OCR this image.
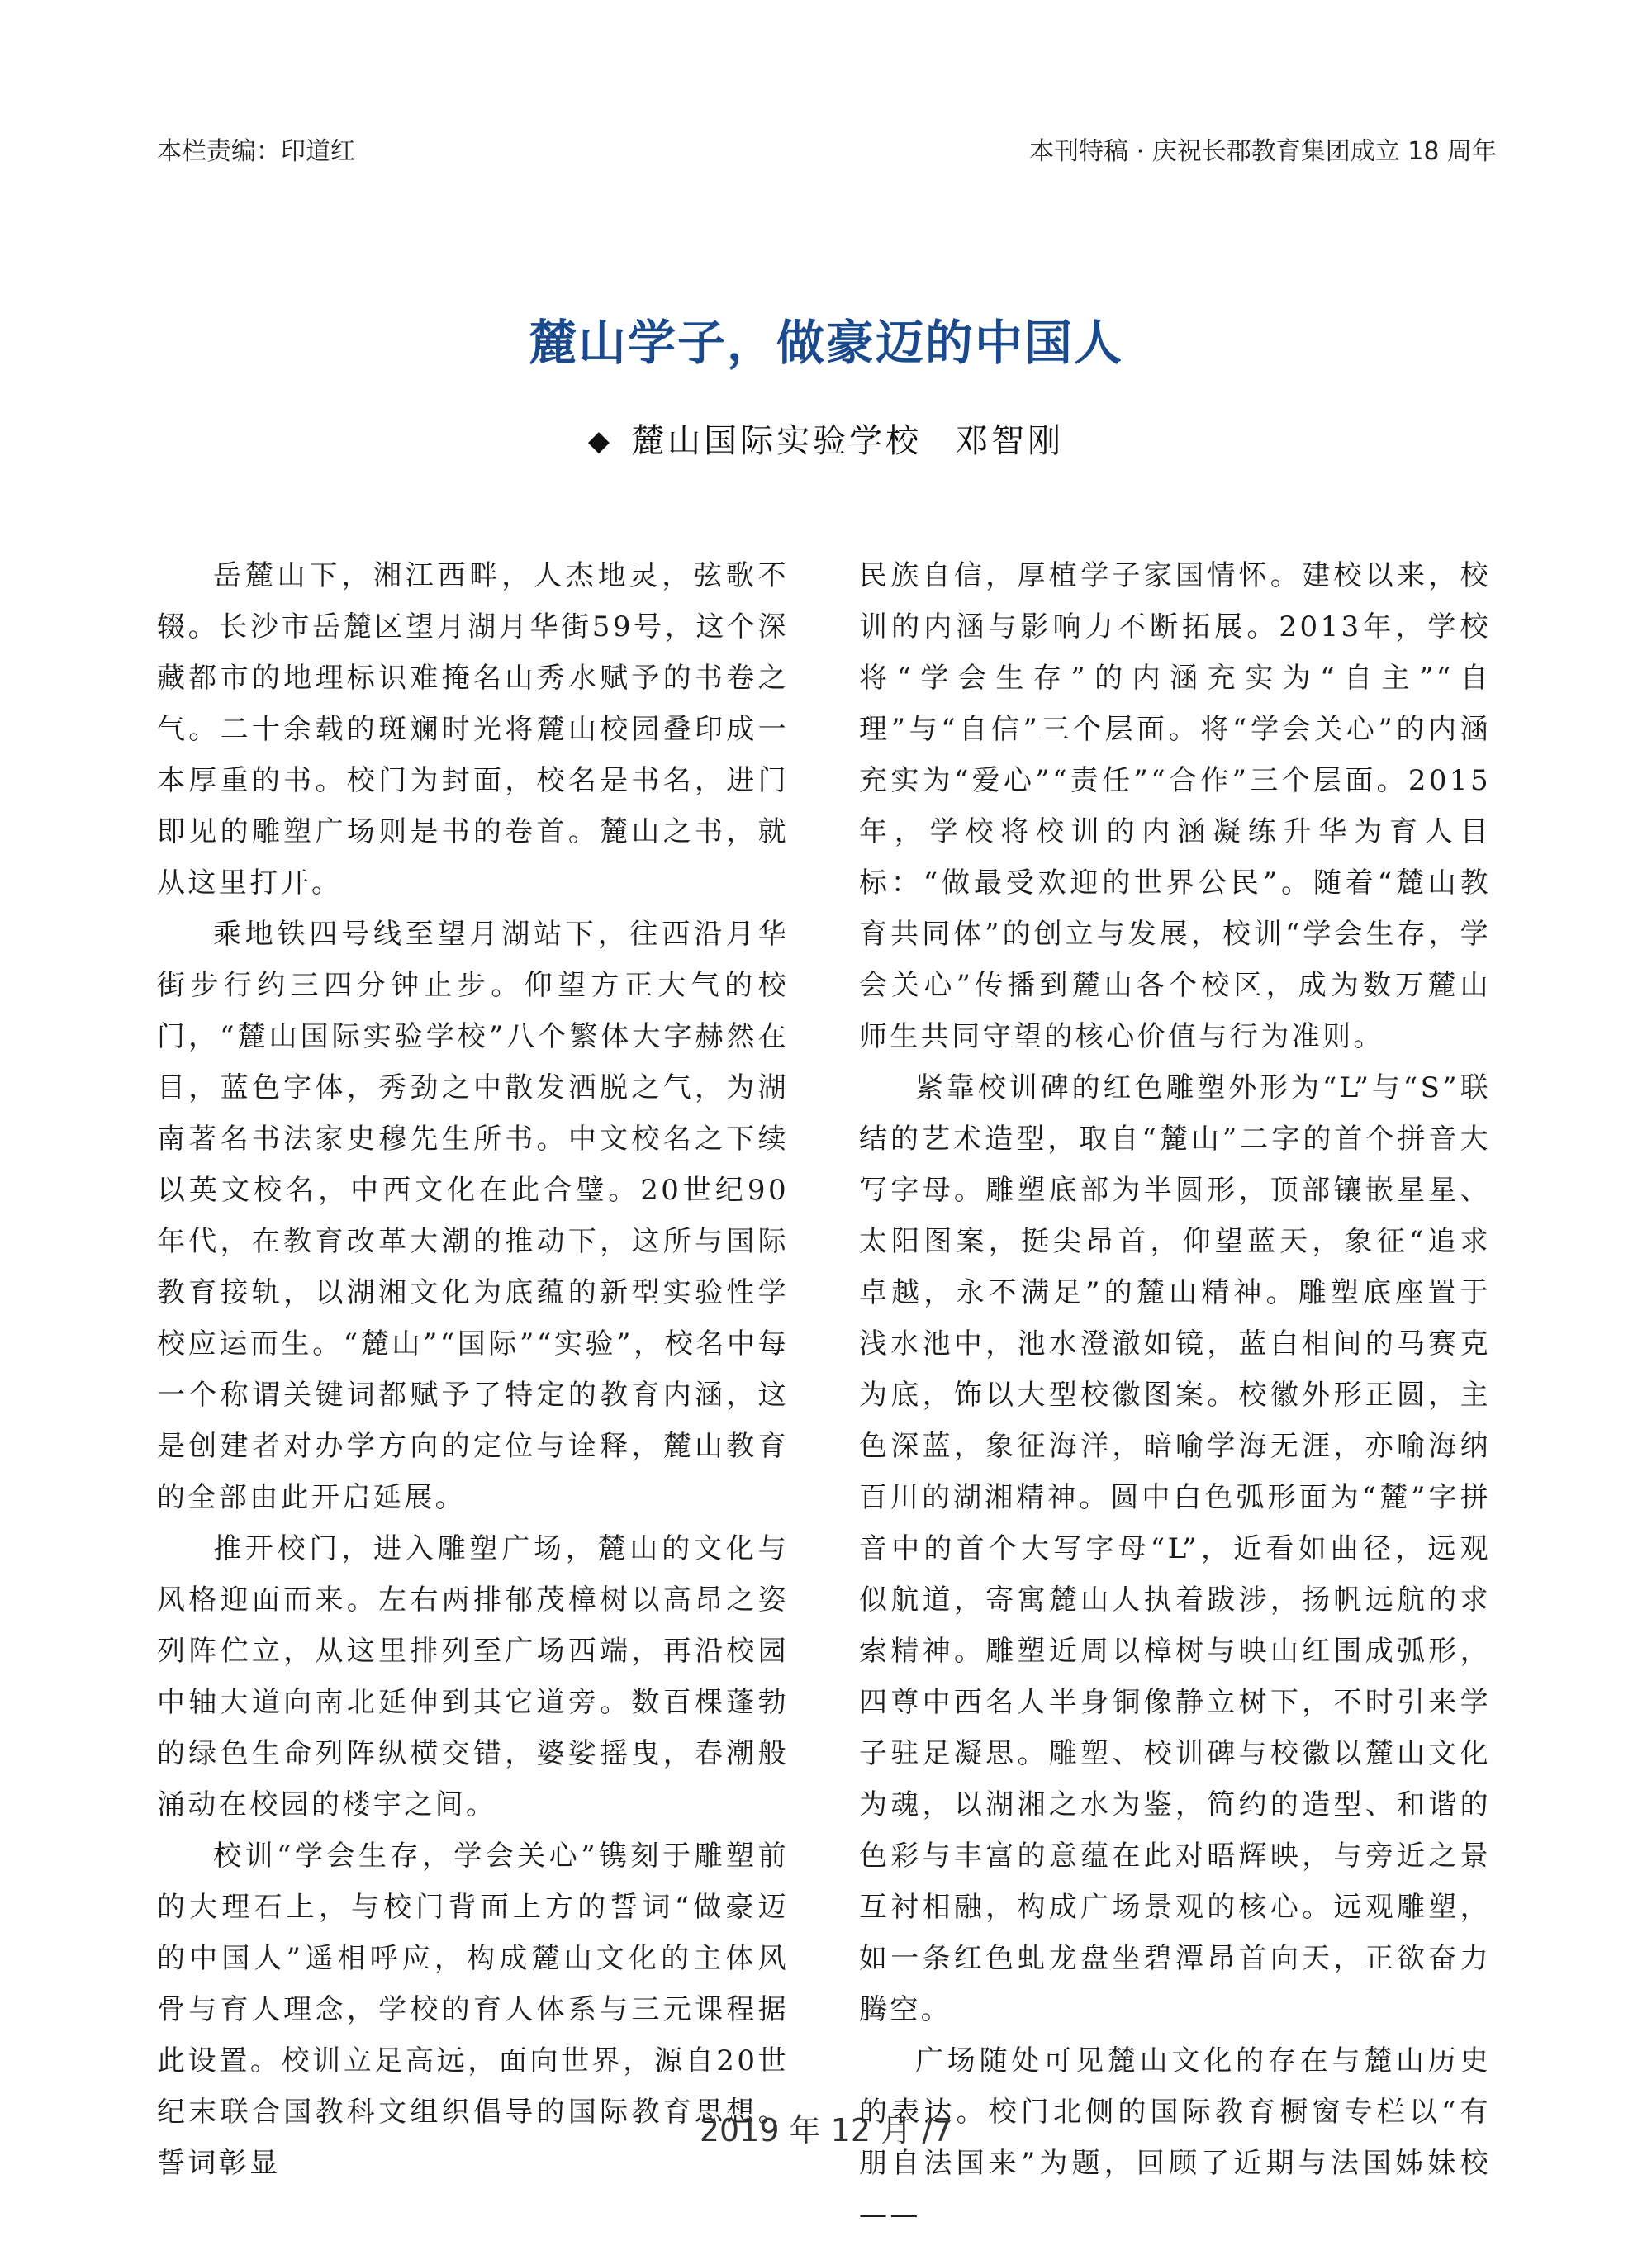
本栏责编：印道红	本刊特稿 · 庆祝长郡教育集团成立 18 周年
麓山学子，做豪迈的中国人
◆ 麓山国际实验学校 邓智刚

岳麓山下，湘江西畔，人杰地灵，弦歌不辍。长沙市岳麓区望月湖月华街59号，这个深藏都市的地理标识难掩名山秀水赋予的书卷之气。二十余载的斑斓时光将麓山校园叠印成一本厚重的书。校门为封面，校名是书名，进门即见的雕塑广场则是书的卷首。麓山之书，就从这里打开。

乘地铁四号线至望月湖站下，往西沿月华街步行约三四分钟止步。仰望方正大气的校门，“麓山国际实验学校”八个繁体大字赫然在目，蓝色字体，秀劲之中散发洒脱之气，为湖南著名书法家史穆先生所书。中文校名之下续以英文校名，中西文化在此合璧。20世纪90年代，在教育改革大潮的推动下，这所与国际教育接轨，以湖湘文化为底蕴的新型实验性学校应运而生。“麓山”“国际”“实验”，校名中每一个称谓关键词都赋予了特定的教育内涵，这是创建者对办学方向的定位与诠释，麓山教育的全部由此开启延展。

推开校门，进入雕塑广场，麓山的文化与风格迎面而来。左右两排郁茂樟树以高昂之姿列阵伫立，从这里排列至广场西端，再沿校园中轴大道向南北延伸到其它道旁。数百棵蓬勃的绿色生命列阵纵横交错，婆娑摇曳，春潮般涌动在校园的楼宇之间。

校训“学会生存，学会关心”镌刻于雕塑前的大理石上，与校门背面上方的誓词“做豪迈的中国人”遥相呼应，构成麓山文化的主体风骨与育人理念，学校的育人体系与三元课程据此设置。校训立足高远，面向世界，源自20世纪末联合国教科文组织倡导的国际教育思想。誓词彰显

民族自信，厚植学子家国情怀。建校以来，校训的内涵与影响力不断拓展。2013年，学校将“学会生存”的内涵充实为“自主”“自理”与“自信”三个层面。将“学会关心”的内涵充实为“爱心”“责任”“合作”三个层面。2015年，学校将校训的内涵凝练升华为育人目标：“做最受欢迎的世界公民”。随着“麓山教育共同体”的创立与发展，校训“学会生存，学会关心”传播到麓山各个校区，成为数万麓山师生共同守望的核心价值与行为准则。

紧靠校训碑的红色雕塑外形为“L”与“S”联结的艺术造型，取自“麓山”二字的首个拼音大写字母。雕塑底部为半圆形，顶部镶嵌星星、太阳图案，挺尖昂首，仰望蓝天，象征“追求卓越，永不满足”的麓山精神。雕塑底座置于浅水池中，池水澄澈如镜，蓝白相间的马赛克为底，饰以大型校徽图案。校徽外形正圆，主色深蓝，象征海洋，暗喻学海无涯，亦喻海纳百川的湖湘精神。圆中白色弧形面为“麓”字拼音中的首个大写字母“L”，近看如曲径，远观似航道，寄寓麓山人执着跋涉，扬帆远航的求索精神。雕塑近周以樟树与映山红围成弧形，四尊中西名人半身铜像静立树下，不时引来学子驻足凝思。雕塑、校训碑与校徽以麓山文化为魂，以湖湘之水为鉴，简约的造型、和谐的色彩与丰富的意蕴在此对晤辉映，与旁近之景互衬相融，构成广场景观的核心。远观雕塑，如一条红色虬龙盘坐碧潭昂首向天，正欲奋力腾空。

广场随处可见麓山文化的存在与麓山历史的表达。校门北侧的国际教育橱窗专栏以“有朋自法国来”为题，回顾了近期与法国姊妹校——

2019 年 12 月 /7
